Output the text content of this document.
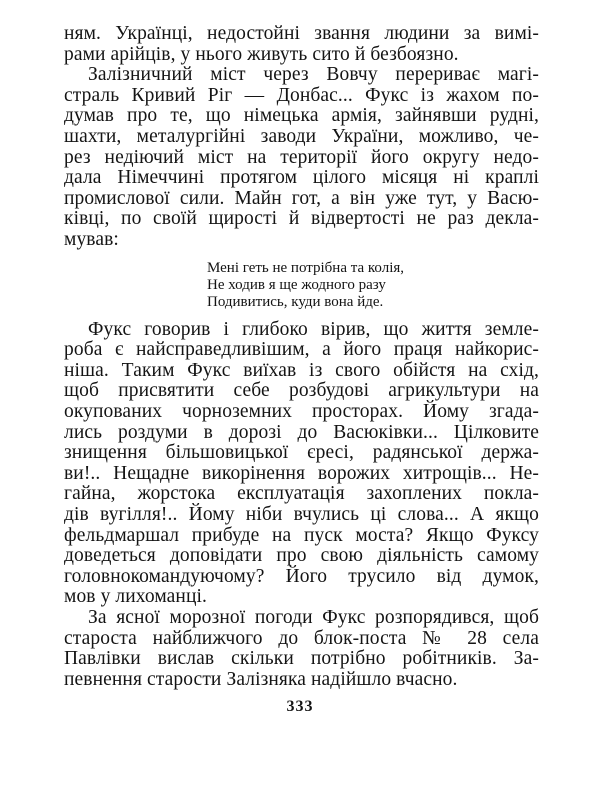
ням. Українці, недостойні звання людини за вимі-
рами арійців, у нього живуть сито й безбоязно.
Залізничний міст через Вовчу перериває магі-
страль Кривий Ріг — Донбас... Фукс із жахом по-
думав про те, що німецька армія, зайнявши рудні,
шахти, металургійні заводи України, можливо, че-
рез недіючий міст на території його округу недо-
дала Німеччині протягом цілого місяця ні краплі
промислової сили. Майн гот, а він уже тут, у Васю-
ківці, по своїй щирості й відвертості не раз декла-
мував:
Мені геть не потрібна та колія,
Не ходив я ще жодного разу
Подивитись, куди вона йде.
Фукс говорив і глибоко вірив, що життя земле-
роба є найсправедливішим, а його праця найкорис-
ніша. Таким Фукс виїхав із свого обійстя на схід,
щоб присвятити себе розбудові агрикультури на
окупованих чорноземних просторах. Йому згада-
лись роздуми в дорозі до Васюківки... Цілковите
знищення більшовицької єресі, радянської держа-
ви!.. Нещадне викорінення ворожих хитрощів... Не-
гайна, жорстока експлуатація захоплених покла-
дів вугілля!.. Йому ніби вчулись ці слова... А якщо
фельдмаршал прибуде на пуск моста? Якщо Фуксу
доведеться доповідати про свою діяльність самому
головнокомандуючому? Його трусило від думок,
мов у лихоманці.
За ясної морозної погоди Фукс розпорядився, щоб
староста найближчого до блок-поста № 28 села
Павлівки вислав скільки потрібно робітників. За-
певнення старости Залізняка надійшло вчасно.
333
